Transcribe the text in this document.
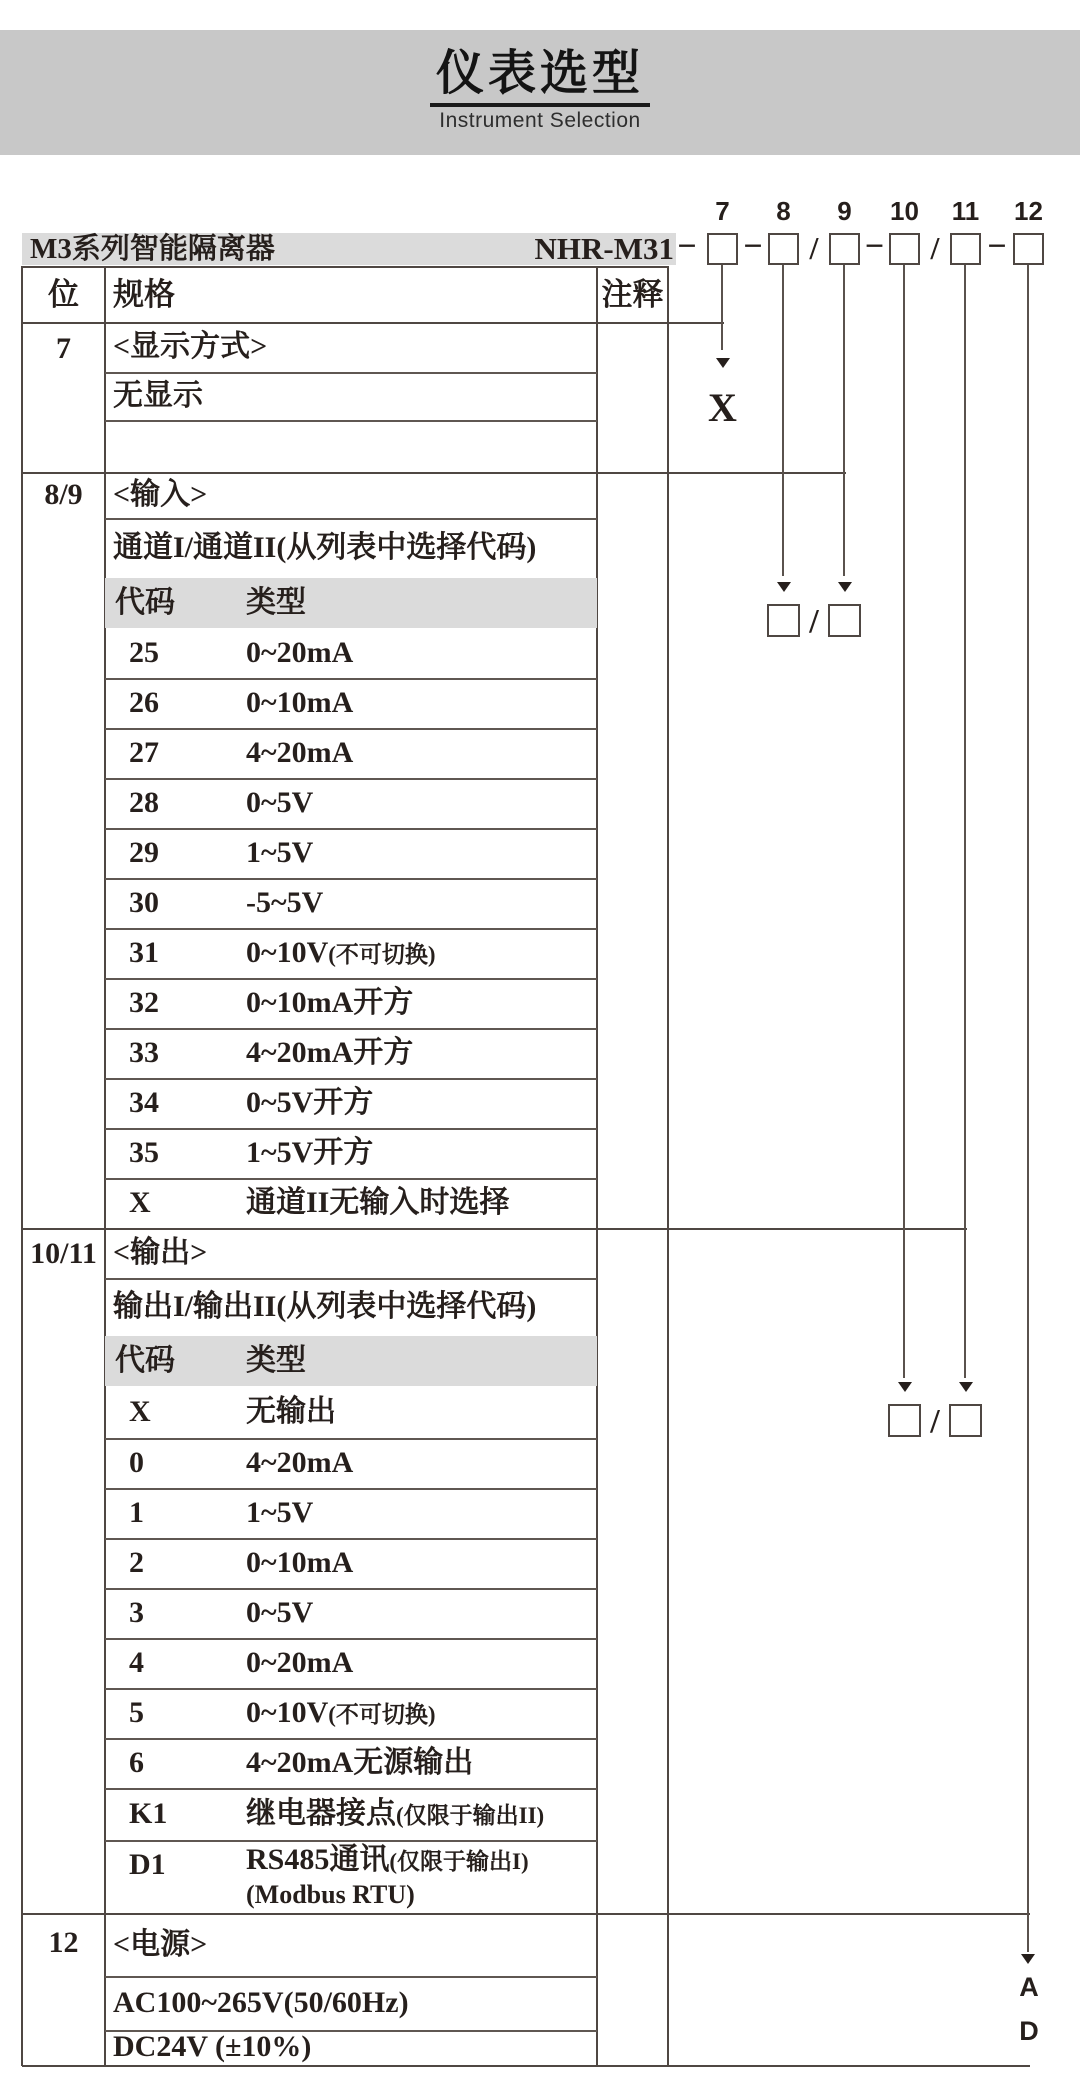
仪表选型
Instrument Selection
M3系列智能隔离器	NHR-M31
7	8	9	10 11 12
− −	/	−	/	−
位	规格	注释
7	<显示方式>
无显示
8/9	<输入>
通道I/通道II(从列表中选择代码)
代码 类型
25	0~20mA
26	0~10mA
27	4~20mA
28	0~5V
29	1~5V
30	-5~5V
31	0~10V(不可切换)
32	0~10mA开方
33	4~20mA开方
34	0~5V开方
35	1~5V开方
X	通道II无输入时选择
10/11 <输出>
输出I/输出II(从列表中选择代码)
代码 类型
X	无输出
0	4~20mA
1	1~5V
2	0~10mA
3	0~5V
4	0~20mA
5	0~10V(不可切换)
6	4~20mA无源输出
K1	继电器接点(仅限于输出II)
D1	RS485通讯(仅限于输出I)
(Modbus RTU)
12	<电源>
AC100~265V(50/60Hz)
DC24V (±10%)
X
/
/
A
D
